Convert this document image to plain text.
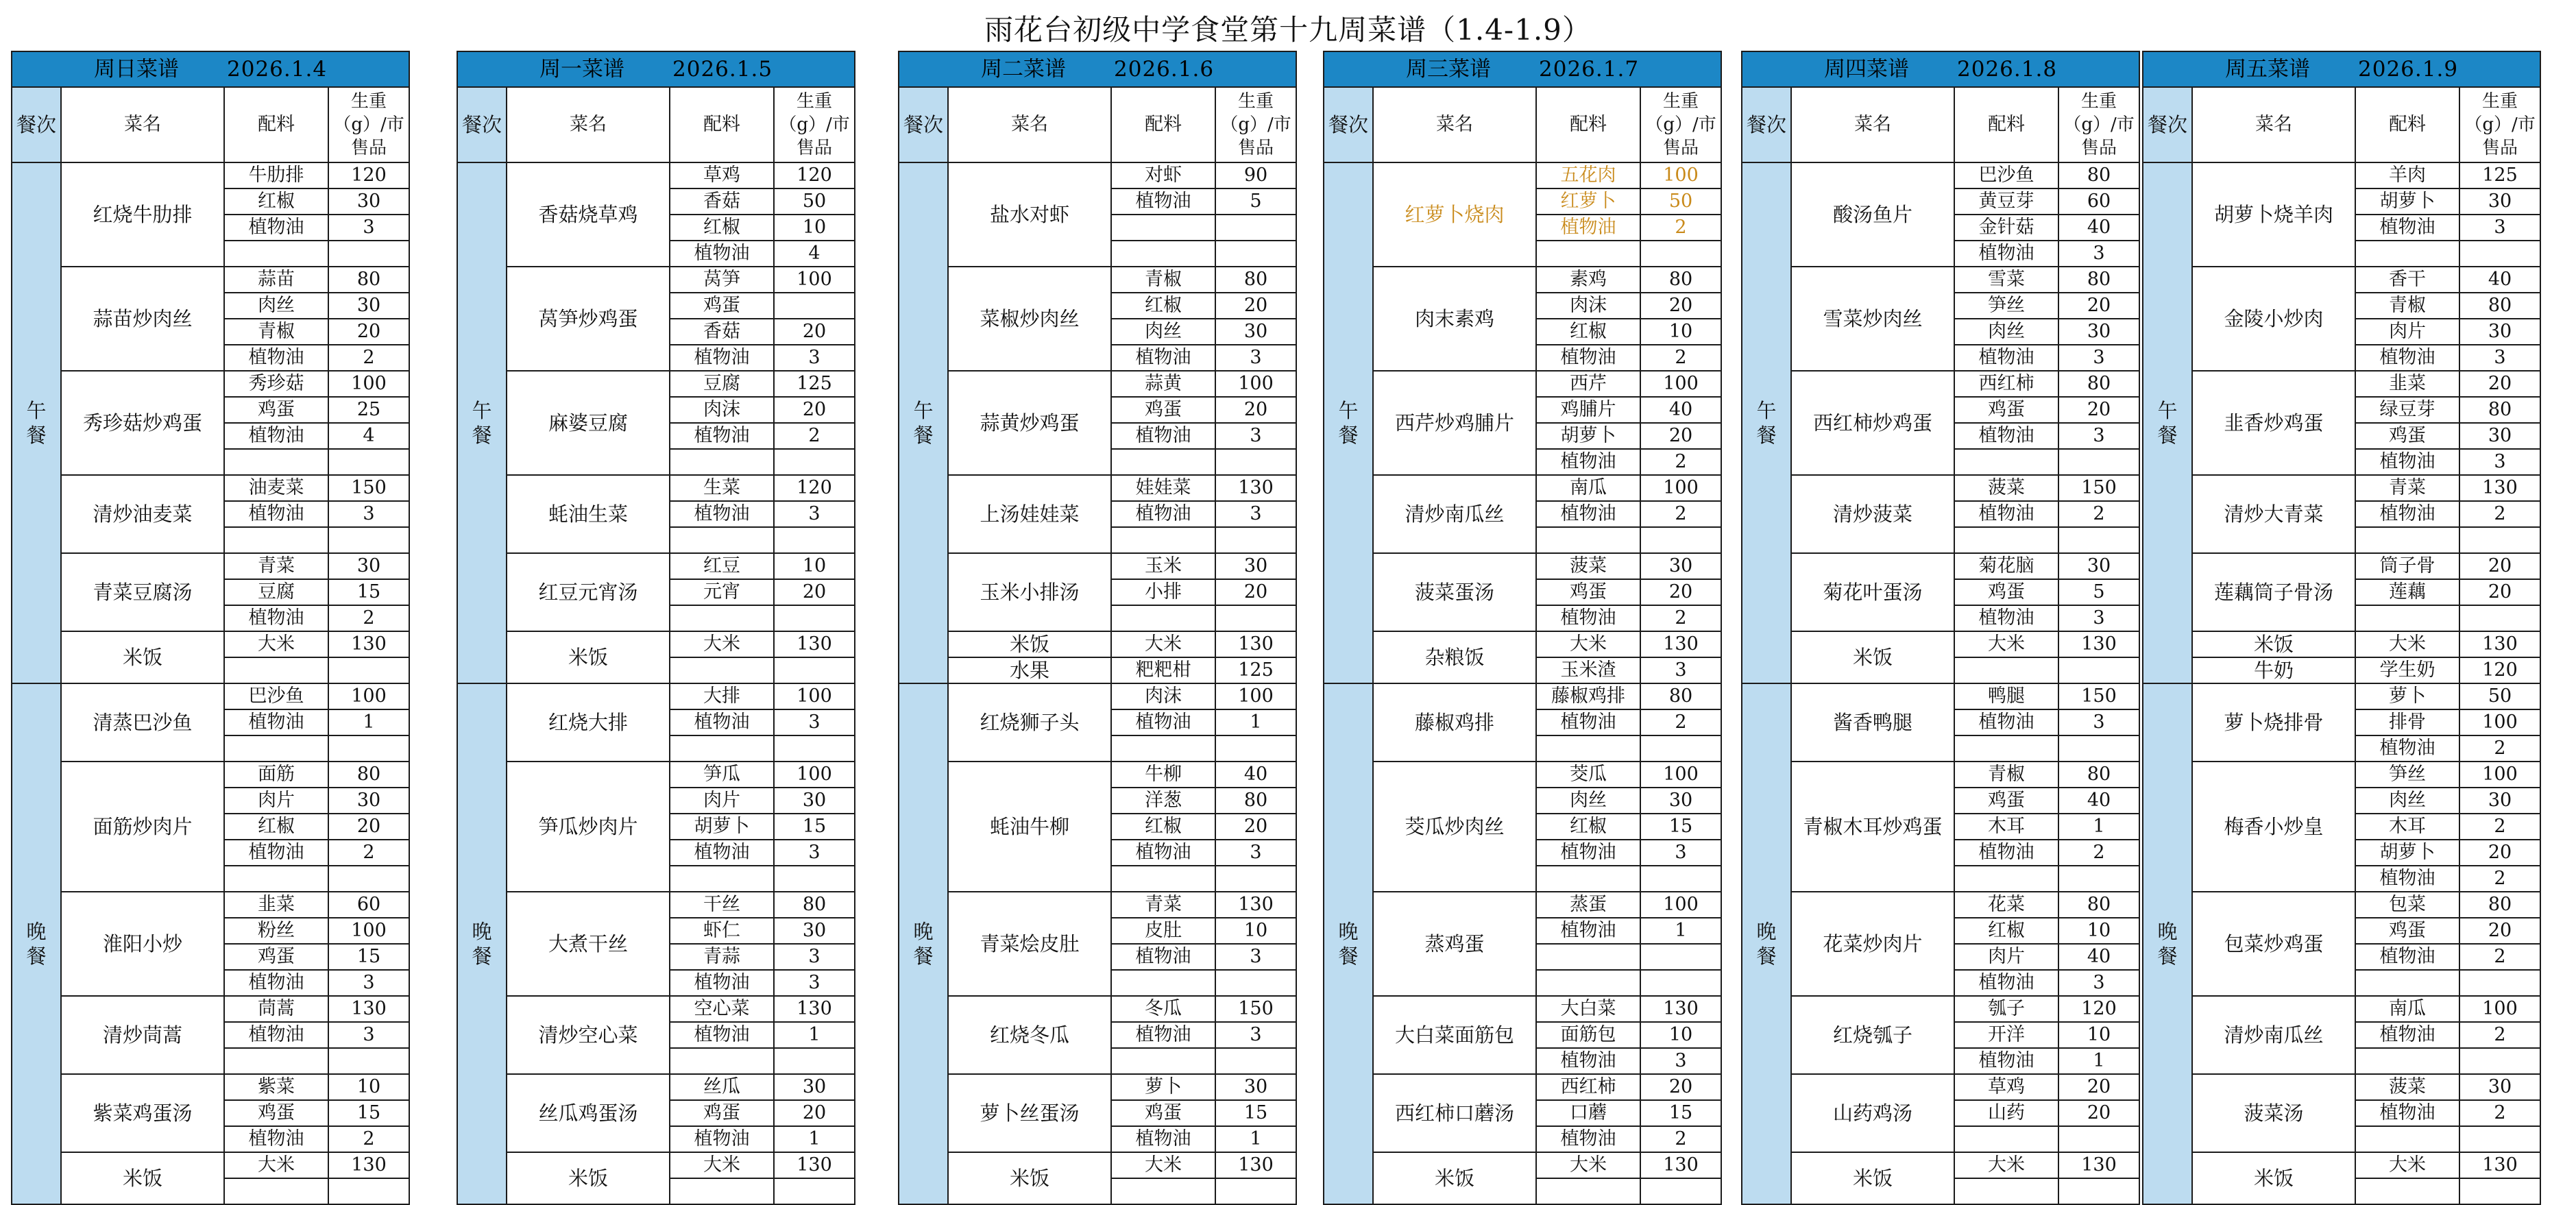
雨花台初级中学食堂第十九周菜谱（1.4-1.9）
周日菜谱 2026.1.4			
餐次	菜名	配料	生重（g）/市售品

午
餐	红烧牛肋排	牛肋排	120
		红椒	30
		植物油	3

	蒜苗炒肉丝	蒜苗	80
		肉丝	30
		青椒	20
		植物油	2
	秀珍菇炒鸡蛋	秀珍菇	100
		鸡蛋	25
		植物油	4

	清炒油麦菜	油麦菜	150
		植物油	3

	青菜豆腐汤	青菜	30
		豆腐	15
		植物油	2
	米饭	大米	130

晚
餐	清蒸巴沙鱼	巴沙鱼	100
		植物油	1

	面筋炒肉片	面筋	80
		肉片	30
		红椒	20
		植物油	2

	淮阳小炒	韭菜	60
		粉丝	100
		鸡蛋	15
		植物油	3
	清炒茼蒿	茼蒿	130
		植物油	3

	紫菜鸡蛋汤	紫菜	10
		鸡蛋	15
		植物油	2
	米饭	大米	130

周一菜谱 2026.1.5			
餐次	菜名	配料	生重（g）/市售品

午
餐	香菇烧草鸡	草鸡	120
		香菇	50
		红椒	10
		植物油	4
	莴笋炒鸡蛋	莴笋	100
		鸡蛋	
		香菇	20
		植物油	3
	麻婆豆腐	豆腐	125
		肉沫	20
		植物油	2

	蚝油生菜	生菜	120
		植物油	3

	红豆元宵汤	红豆	10
		元宵	20

	米饭	大米	130

晚
餐	红烧大排	大排	100
		植物油	3

	笋瓜炒肉片	笋瓜	100
		肉片	30
		胡萝卜	15
		植物油	3

	大煮干丝	干丝	80
		虾仁	30
		青蒜	3
		植物油	3
	清炒空心菜	空心菜	130
		植物油	1

	丝瓜鸡蛋汤	丝瓜	30
		鸡蛋	20
		植物油	1
	米饭	大米	130

周二菜谱 2026.1.6			
餐次	菜名	配料	生重（g）/市售品

午
餐	盐水对虾	对虾	90
		植物油	5

	菜椒炒肉丝	青椒	80
		红椒	20
		肉丝	30
		植物油	3
	蒜黄炒鸡蛋	蒜黄	100
		鸡蛋	20
		植物油	3

	上汤娃娃菜	娃娃菜	130
		植物油	3

	玉米小排汤	玉米	30
		小排	20

	米饭	大米	130
	水果	粑粑柑	125

晚
餐	红烧狮子头	肉沫	100
		植物油	1

	蚝油牛柳	牛柳	40
		洋葱	80
		红椒	20
		植物油	3

	青菜烩皮肚	青菜	130
		皮肚	10
		植物油	3

	红烧冬瓜	冬瓜	150
		植物油	3

	萝卜丝蛋汤	萝卜	30
		鸡蛋	15
		植物油	1
	米饭	大米	130

周三菜谱 2026.1.7			
餐次	菜名	配料	生重（g）/市售品

午
餐	红萝卜烧肉	五花肉	100
		红萝卜	50
		植物油	2

	肉末素鸡	素鸡	80
		肉沫	20
		红椒	10
		植物油	2
	西芹炒鸡脯片	西芹	100
		鸡脯片	40
		胡萝卜	20
		植物油	2
	清炒南瓜丝	南瓜	100
		植物油	2

	菠菜蛋汤	菠菜	30
		鸡蛋	20
		植物油	2
	杂粮饭	大米	130
		玉米渣	3

晚
餐	藤椒鸡排	藤椒鸡排	80
		植物油	2

	茭瓜炒肉丝	茭瓜	100
		肉丝	30
		红椒	15
		植物油	3

	蒸鸡蛋	蒸蛋	100
		植物油	1

	大白菜面筋包	大白菜	130
		面筋包	10
		植物油	3
	西红柿口蘑汤	西红柿	20
		口蘑	15
		植物油	2
	米饭	大米	130

周四菜谱 2026.1.8			
餐次	菜名	配料	生重（g）/市售品

午
餐	酸汤鱼片	巴沙鱼	80
		黄豆芽	60
		金针菇	40
		植物油	3
	雪菜炒肉丝	雪菜	80
		笋丝	20
		肉丝	30
		植物油	3
	西红柿炒鸡蛋	西红柿	80
		鸡蛋	20
		植物油	3

	清炒菠菜	菠菜	150
		植物油	2

	菊花叶蛋汤	菊花脑	30
		鸡蛋	5
		植物油	3
	米饭	大米	130

晚
餐	酱香鸭腿	鸭腿	150
		植物油	3

	青椒木耳炒鸡蛋	青椒	80
		鸡蛋	40
		木耳	1
		植物油	2

	花菜炒肉片	花菜	80
		红椒	10
		肉片	40
		植物油	3
	红烧瓠子	瓠子	120
		开洋	10
		植物油	1
	山药鸡汤	草鸡	20
		山药	20

	米饭	大米	130

周五菜谱 2026.1.9			
餐次	菜名	配料	生重（g）/市售品

午
餐	胡萝卜烧羊肉	羊肉	125
		胡萝卜	30
		植物油	3

	金陵小炒肉	香干	40
		青椒	80
		肉片	30
		植物油	3
	韭香炒鸡蛋	韭菜	20
		绿豆芽	80
		鸡蛋	30
		植物油	3
	清炒大青菜	青菜	130
		植物油	2

	莲藕筒子骨汤	筒子骨	20
		莲藕	20

	米饭	大米	130
	牛奶	学生奶	120

晚
餐	萝卜烧排骨	萝卜	50
		排骨	100
		植物油	2
	梅香小炒皇	笋丝	100
		肉丝	30
		木耳	2
		胡萝卜	20
		植物油	2
	包菜炒鸡蛋	包菜	80
		鸡蛋	20
		植物油	2

	清炒南瓜丝	南瓜	100
		植物油	2

	菠菜汤	菠菜	30
		植物油	2

	米饭	大米	130
